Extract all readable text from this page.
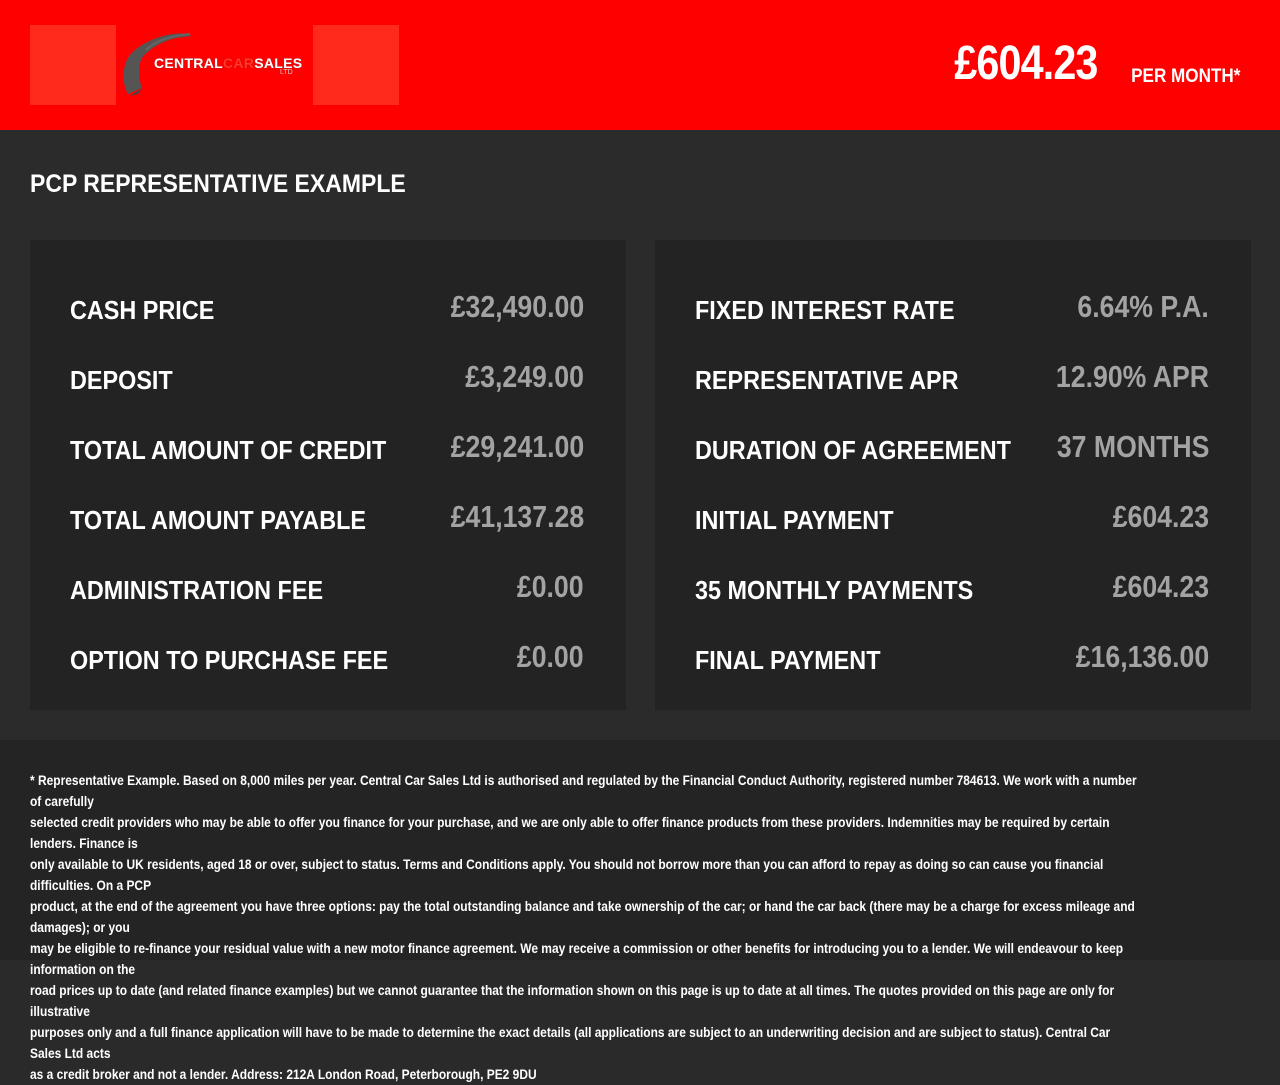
CENTRALCARSALES
LTD	£604.23 PER MONTH*
PCP REPRESENTATIVE EXAMPLE
CASH PRICE	£32,490.00
DEPOSIT	£3,249.00
TOTAL AMOUNT OF CREDIT £29,241.00
TOTAL AMOUNT PAYABLE	£41,137.28
ADMINISTRATION FEE	£0.00
OPTION TO PURCHASE FEE	£0.00
FIXED INTEREST RATE	6.64% P.A.
REPRESENTATIVE APR	12.90% APR
DURATION OF AGREEMENT 37 MONTHS
INITIAL PAYMENT	£604.23
35 MONTHLY PAYMENTS	£604.23
FINAL PAYMENT	£16,136.00
* Representative Example. Based on 8,000 miles per year. Central Car Sales Ltd is authorised and regulated by the Financial Conduct Authority, registered number 784613. We work with a number of carefully
selected credit providers who may be able to offer you finance for your purchase, and we are only able to offer finance products from these providers. Indemnities may be required by certain lenders. Finance is
only available to UK residents, aged 18 or over, subject to status. Terms and Conditions apply. You should not borrow more than you can afford to repay as doing so can cause you financial difficulties. On a PCP
product, at the end of the agreement you have three options: pay the total outstanding balance and take ownership of the car; or hand the car back (there may be a charge for excess mileage and damages); or you
may be eligible to re-finance your residual value with a new motor finance agreement. We may receive a commission or other benefits for introducing you to a lender. We will endeavour to keep information on the
road prices up to date (and related finance examples) but we cannot guarantee that the information shown on this page is up to date at all times. The quotes provided on this page are only for illustrative
purposes only and a full finance application will have to be made to determine the exact details (all applications are subject to an underwriting decision and are subject to status). Central Car Sales Ltd acts
as a credit broker and not a lender. Address: 212A London Road, Peterborough, PE2 9DU
